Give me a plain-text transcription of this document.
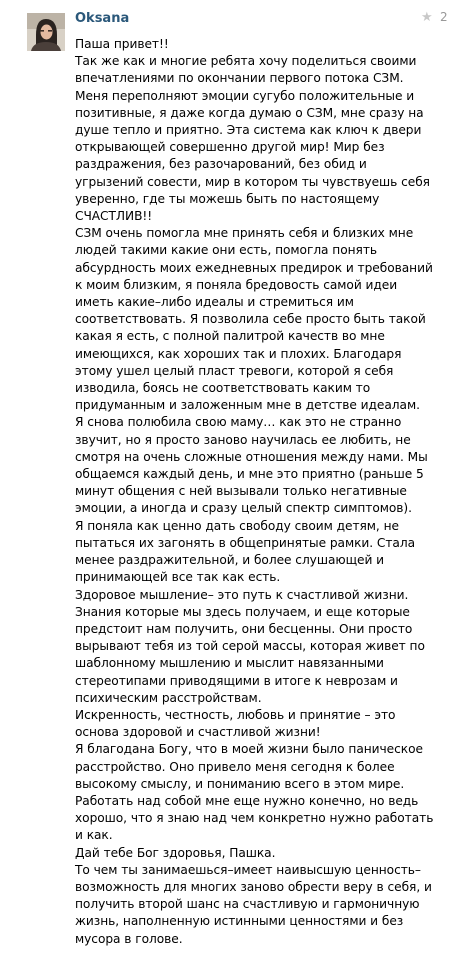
Oksana	★ 2

Паша привет!!

Так же как и многие ребята хочу поделиться своими впечатлениями по окончании первого потока СЗМ. Меня переполняют эмоции сугубо положительные и позитивные, я даже когда думаю о СЗМ, мне сразу на душе тепло и приятно. Эта система как ключ к двери открывающей совершенно другой мир! Мир без раздражения, без разочарований, без обид и угрызений совести, мир в котором ты чувствуешь себя уверенно, где ты можешь быть по настоящему СЧАСТЛИВ!!

СЗМ очень помогла мне принять себя и близких мне людей такими какие они есть, помогла понять абсурдность моих ежедневных предирок и требований к моим близким, я поняла бредовость самой идеи иметь какие–либо идеалы и стремиться им соответствовать. Я позволила себе просто быть такой какая я есть, с полной палитрой качеств во мне имеющихся, как хороших так и плохих. Благодаря этому ушел целый пласт тревоги, которой я себя изводила, боясь не соответствовать каким то придуманным и заложенным мне в детстве идеалам.

Я снова полюбила свою маму… как это не странно звучит, но я просто заново научилась ее любить, не смотря на очень сложные отношения между нами. Мы общаемся каждый день, и мне это приятно (раньше 5 минут общения с ней вызывали только негативные эмоции, а иногда и сразу целый спектр симптомов).

Я поняла как ценно дать свободу своим детям, не пытаться их загонять в общепринятые рамки. Стала менее раздражительной, и более слушающей и принимающей все так как есть.

Здоровое мышление– это путь к счастливой жизни.

Знания которые мы здесь получаем, и еще которые предстоит нам получить, они бесценны. Они просто вырывают тебя из той серой массы, которая живет по шаблонному мышлению и мыслит навязанными стереотипами приводящими в итоге к неврозам и психическим расстройствам.

Искренность, честность, любовь и принятие – это основа здоровой и счастливой жизни!

Я благодана Богу, что в моей жизни было паническое расстройство. Оно привело меня сегодня к более высокому смыслу, и пониманию всего в этом мире.

Работать над собой мне еще нужно конечно, но ведь хорошо, что я знаю над чем конкретно нужно работать и как.

Дай тебе Бог здоровья, Пашка.

То чем ты занимаешься–имеет наивысшую ценность– возможность для многих заново обрести веру в себя, и получить второй шанс на счастливую и гармоничную жизнь, наполненную истинными ценностями и без мусора в голове.
